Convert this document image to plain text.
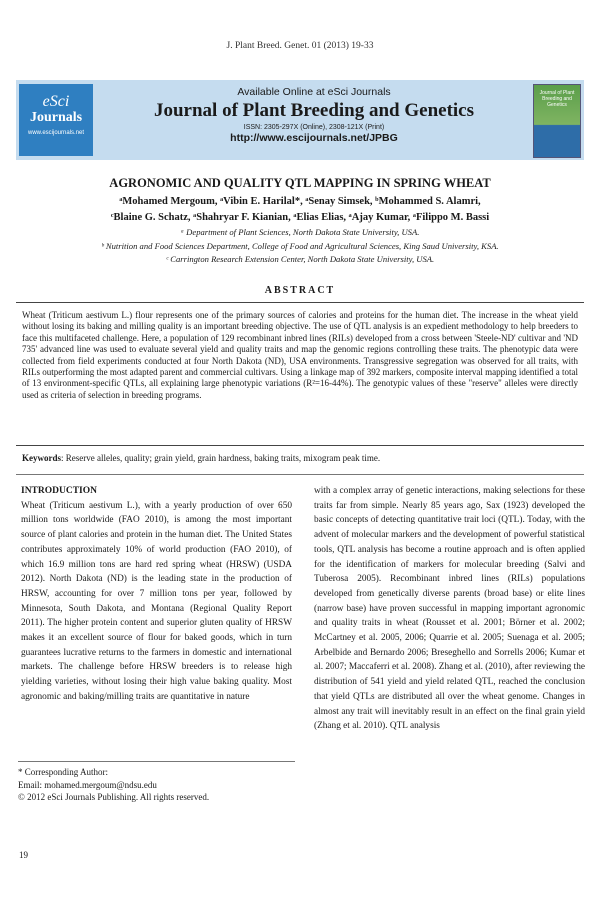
J. Plant Breed. Genet. 01 (2013) 19-33
eSci
Journals
www.escijournals.net
Available Online at eSci Journals
Journal of Plant Breeding and Genetics
ISSN: 2305-297X (Online), 2308-121X (Print)
http://www.escijournals.net/JPBG
Journal of Plant Breeding and Genetics
AGRONOMIC AND QUALITY QTL MAPPING IN SPRING WHEAT
ᵃMohamed Mergoum, ᵃVibin E. Harilal*, ᵃSenay Simsek, ᵇMohammed S. Alamri,
ᶜBlaine G. Schatz, ᵃShahryar F. Kianian, ᵃElias Elias, ᵃAjay Kumar, ᵃFilippo M. Bassi
ᵃ Department of Plant Sciences, North Dakota State University, USA.
ᵇ Nutrition and Food Sciences Department, College of Food and Agricultural Sciences, King Saud University, KSA.
ᶜ Carrington Research Extension Center, North Dakota State University, USA.
ABSTRACT

Wheat (Triticum aestivum L.) flour represents one of the primary sources of calories and proteins for the human diet. The increase in the wheat yield without losing its baking and milling quality is an important breeding objective. The use of QTL analysis is an expedient methodology to help breeders to face this multifaceted challenge. Here, a population of 129 recombinant inbred lines (RILs) developed from a cross between 'Steele-ND' cultivar and 'ND 735' advanced line was used to evaluate several yield and quality traits and map the genomic regions controlling these traits. The phenotypic data were collected from field experiments conducted at four North Dakota (ND), USA environments. Transgressive segregation was observed for all traits, with RILs outperforming the most adapted parent and commercial cultivars. Using a linkage map of 392 markers, composite interval mapping identified a total of 13 environment-specific QTLs, all explaining large phenotypic variations (R²=16-44%). The genotypic values of these "reserve" alleles were directly used as criteria of selection in breeding programs.

Keywords: Reserve alleles, quality; grain yield, grain hardness, baking traits, mixogram peak time.
INTRODUCTION

Wheat (Triticum aestivum L.), with a yearly production of over 650 million tons worldwide (FAO 2010), is among the most important source of plant calories and protein in the human diet. The United States contributes approximately 10% of world production (FAO 2010), of which 16.9 million tons are hard red spring wheat (HRSW) (USDA 2012). North Dakota (ND) is the leading state in the production of HRSW, accounting for over 7 million tons per year, followed by Minnesota, South Dakota, and Montana (Regional Quality Report 2011). The higher protein content and superior gluten quality of HRSW makes it an excellent source of flour for baked goods, which in turn guarantees lucrative returns to the farmers in domestic and international markets. The challenge before HRSW breeders is to release high yielding varieties, without losing their high value baking quality. Most agronomic and baking/milling traits are quantitative in nature

with a complex array of genetic interactions, making selections for these traits far from simple. Nearly 85 years ago, Sax (1923) developed the basic concepts of detecting quantitative trait loci (QTL). Today, with the advent of molecular markers and the development of powerful statistical tools, QTL analysis has become a routine approach and is often applied for the identification of markers for molecular breeding (Salvi and Tuberosa 2005). Recombinant inbred lines (RILs) populations developed from genetically diverse parents (broad base) or elite lines (narrow base) have proven successful in mapping important agronomic and quality traits in wheat (Rousset et al. 2001; Börner et al. 2002; McCartney et al. 2005, 2006; Quarrie et al. 2005; Suenaga et al. 2005; Arbelbide and Bernardo 2006; Breseghello and Sorrells 2006; Kumar et al. 2007; Maccaferri et al. 2008). Zhang et al. (2010), after reviewing the distribution of 541 yield and yield related QTL, reached the conclusion that yield QTLs are distributed all over the wheat genome. Changes in almost any trait will inevitably result in an effect on the final grain yield (Zhang et al. 2010). QTL analysis

* Corresponding Author:
Email: mohamed.mergoum@ndsu.edu
© 2012 eSci Journals Publishing. All rights reserved.
19
